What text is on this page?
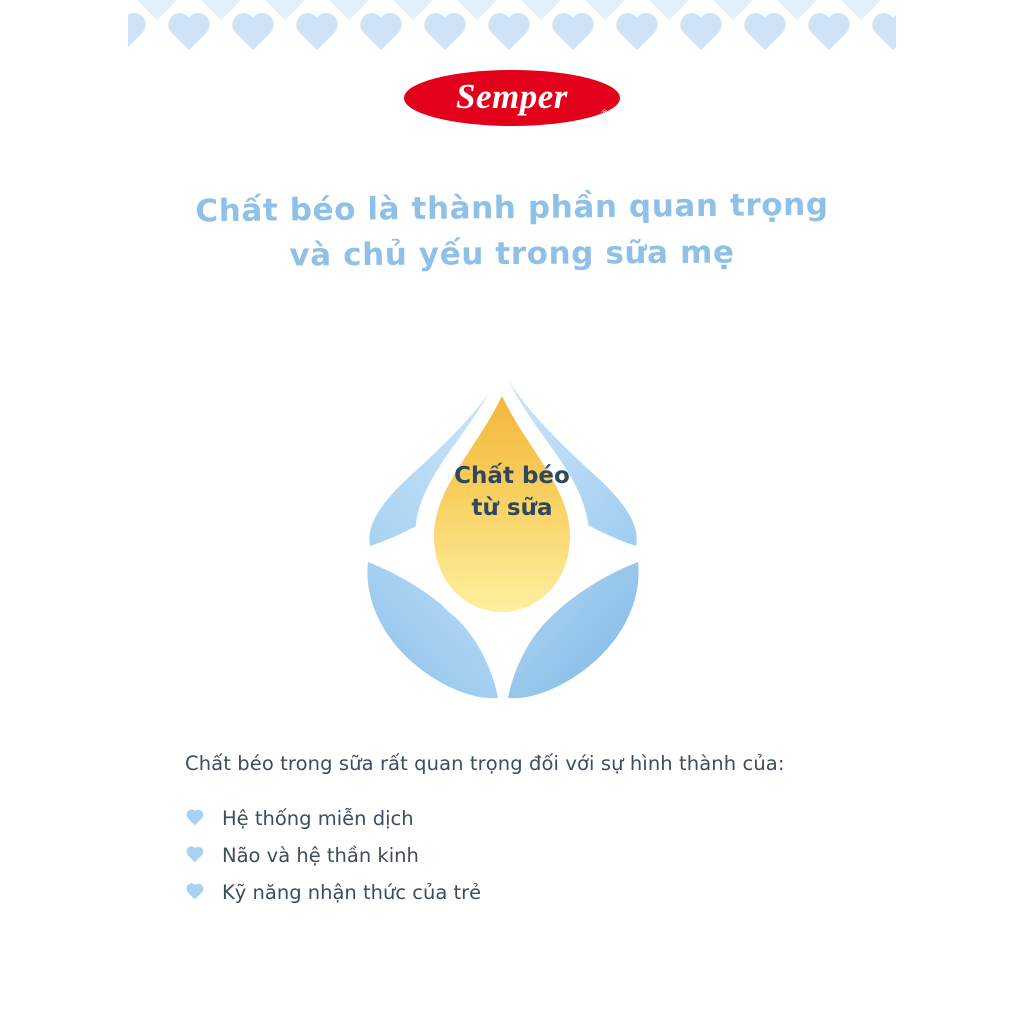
Semper	®
Chất béo là thành phần quan trọng
và chủ yếu trong sữa mẹ
Chất béo
từ sữa
Chất béo trong sữa rất quan trọng đối với sự hình thành của:
Hệ thống miễn dịch
Não và hệ thần kinh
Kỹ năng nhận thức của trẻ
